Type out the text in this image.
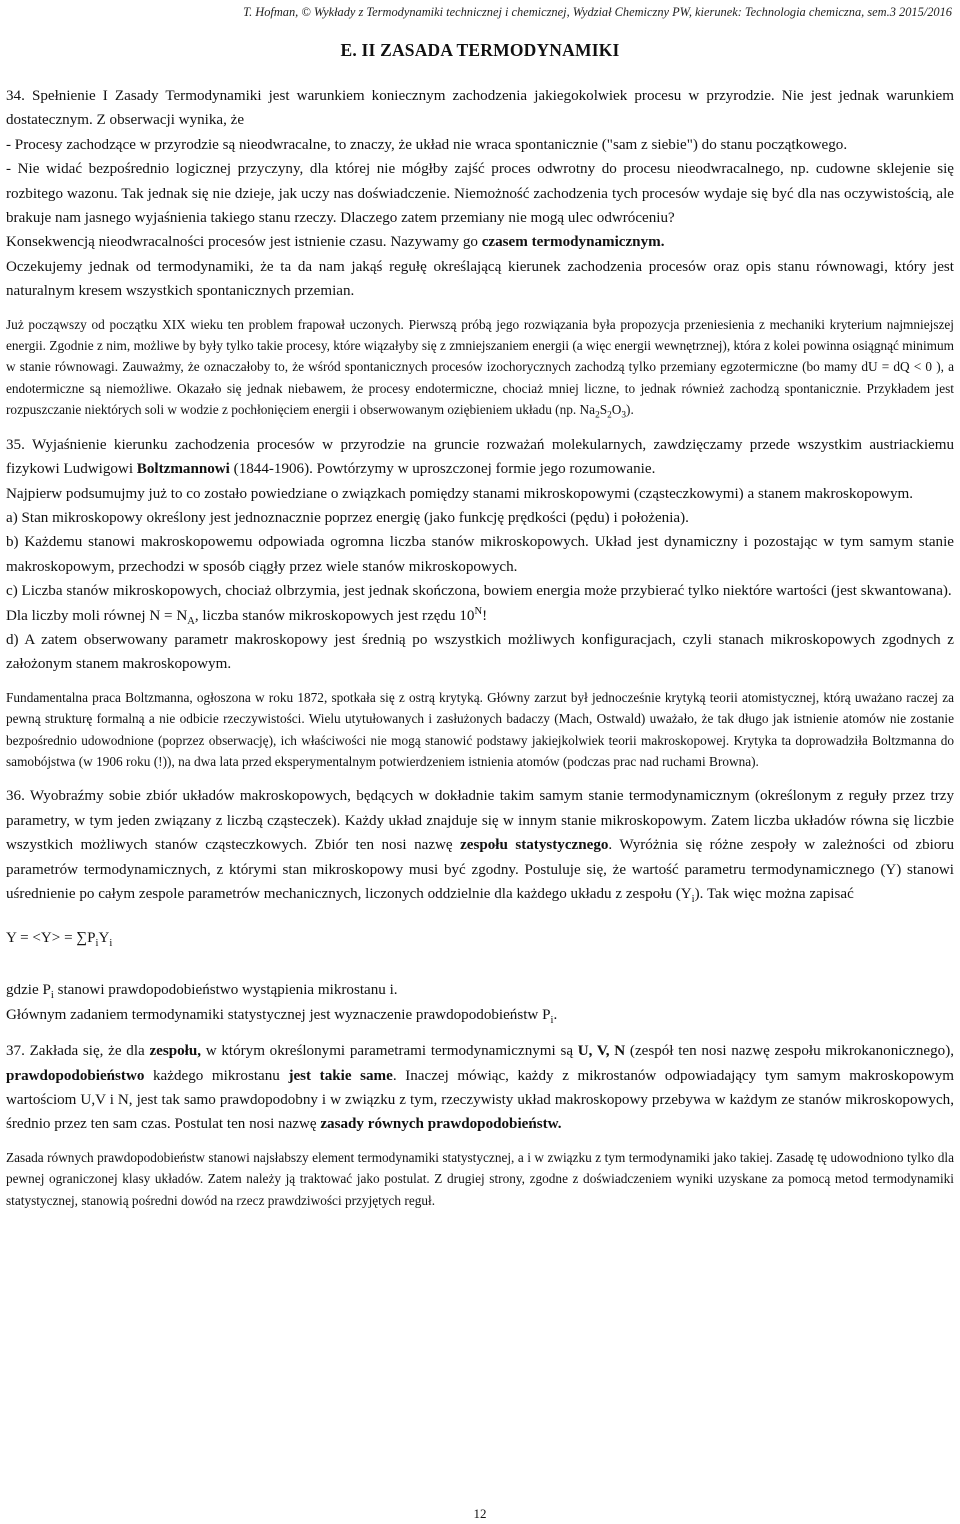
T. Hofman, © Wykłady z Termodynamiki technicznej i chemicznej, Wydział Chemiczny PW, kierunek: Technologia chemiczna, sem.3 2015/2016
E. II ZASADA TERMODYNAMIKI

34. Spełnienie I Zasady Termodynamiki jest warunkiem koniecznym zachodzenia jakiegokolwiek procesu w przyrodzie. Nie jest jednak warunkiem dostatecznym. Z obserwacji wynika, że

- Procesy zachodzące w przyrodzie są nieodwracalne, to znaczy, że układ nie wraca spontanicznie ("sam z siebie") do stanu początkowego.

- Nie widać bezpośrednio logicznej przyczyny, dla której nie mógłby zajść proces odwrotny do procesu nieodwracalnego, np. cudowne sklejenie się rozbitego wazonu. Tak jednak się nie dzieje, jak uczy nas doświadczenie. Niemożność zachodzenia tych procesów wydaje się być dla nas oczywistością, ale brakuje nam jasnego wyjaśnienia takiego stanu rzeczy. Dlaczego zatem przemiany nie mogą ulec odwróceniu?

Konsekwencją nieodwracalności procesów jest istnienie czasu. Nazywamy go czasem termodynamicznym.

Oczekujemy jednak od termodynamiki, że ta da nam jakąś regułę określającą kierunek zachodzenia procesów oraz opis stanu równowagi, który jest naturalnym kresem wszystkich spontanicznych przemian.

Już począwszy od początku XIX wieku ten problem frapował uczonych. Pierwszą próbą jego rozwiązania była propozycja przeniesienia z mechaniki kryterium najmniejszej energii. Zgodnie z nim, możliwe by były tylko takie procesy, które wiązałyby się z zmniejszaniem energii (a więc energii wewnętrznej), która z kolei powinna osiągnąć minimum w stanie równowagi. Zauważmy, że oznaczałoby to, że wśród spontanicznych procesów izochorycznych zachodzą tylko przemiany egzotermiczne (bo mamy dU = dQ < 0 ), a endotermiczne są niemożliwe. Okazało się jednak niebawem, że procesy endotermiczne, chociaż mniej liczne, to jednak również zachodzą spontanicznie. Przykładem jest rozpuszczanie niektórych soli w wodzie z pochłonięciem energii i obserwowanym oziębieniem układu (np. $Na_2S_2O_3$).

35. Wyjaśnienie kierunku zachodzenia procesów w przyrodzie na gruncie rozważań molekularnych, zawdzięczamy przede wszystkim austriackiemu fizykowi Ludwigowi Boltzmannowi (1844-1906). Powtórzymy w uproszczonej formie jego rozumowanie.

Najpierw podsumujmy już to co zostało powiedziane o związkach pomiędzy stanami mikroskopowymi (cząsteczkowymi) a stanem makroskopowym.

a) Stan mikroskopowy określony jest jednoznacznie poprzez energię (jako funkcję prędkości (pędu) i położenia).

b) Każdemu stanowi makroskopowemu odpowiada ogromna liczba stanów mikroskopowych. Układ jest dynamiczny i pozostając w tym samym stanie makroskopowym, przechodzi w sposób ciągły przez wiele stanów mikroskopowych.

c) Liczba stanów mikroskopowych, chociaż olbrzymia, jest jednak skończona, bowiem energia może przybierać tylko niektóre wartości (jest skwantowana).

Dla liczby moli równej $N = N_A$, liczba stanów mikroskopowych jest rzędu $10^N$!

d) A zatem obserwowany parametr makroskopowy jest średnią po wszystkich możliwych konfiguracjach, czyli stanach mikroskopowych zgodnych z założonym stanem makroskopowym.

Fundamentalna praca Boltzmanna, ogłoszona w roku 1872, spotkała się z ostrą krytyką. Główny zarzut był jednocześnie krytyką teorii atomistycznej, którą uważano raczej za pewną strukturę formalną a nie odbicie rzeczywistości. Wielu utytułowanych i zasłużonych badaczy (Mach, Ostwald) uważało, że tak długo jak istnienie atomów nie zostanie bezpośrednio udowodnione (poprzez obserwację), ich właściwości nie mogą stanowić podstawy jakiejkolwiek teorii makroskopowej. Krytyka ta doprowadziła Boltzmanna do samobójstwa (w 1906 roku (!)), na dwa lata przed eksperymentalnym potwierdzeniem istnienia atomów (podczas prac nad ruchami Browna).

36. Wyobraźmy sobie zbiór układów makroskopowych, będących w dokładnie takim samym stanie termodynamicznym (określonym z reguły przez trzy parametry, w tym jeden związany z liczbą cząsteczek). Każdy układ znajduje się w innym stanie mikroskopowym. Zatem liczba układów równa się liczbie wszystkich możliwych stanów cząsteczkowych. Zbiór ten nosi nazwę zespołu statystycznego. Wyróżnia się różne zespoły w zależności od zbioru parametrów termodynamicznych, z którymi stan mikroskopowy musi być zgodny. Postuluje się, że wartość parametru termodynamicznego (Y) stanowi uśrednienie po całym zespole parametrów mechanicznych, liczonych oddzielnie dla każdego układu z zespołu $(Y_i)$. Tak więc można zapisać

$Y = <Y> = \sum P_iY_i$

gdzie $P_i$ stanowi prawdopodobieństwo wystąpienia mikrostanu i.

Głównym zadaniem termodynamiki statystycznej jest wyznaczenie prawdopodobieństw $P_i$.

37. Zakłada się, że dla zespołu, w którym określonymi parametrami termodynamicznymi są U, V, N (zespół ten nosi nazwę zespołu mikrokanonicznego), prawdopodobieństwo każdego mikrostanu jest takie same. Inaczej mówiąc, każdy z mikrostanów odpowiadający tym samym makroskopowym wartościom U,V i N, jest tak samo prawdopodobny i w związku z tym, rzeczywisty układ makroskopowy przebywa w każdym ze stanów mikroskopowych, średnio przez ten sam czas. Postulat ten nosi nazwę zasady równych prawdopodobieństw.

Zasada równych prawdopodobieństw stanowi najsłabszy element termodynamiki statystycznej, a i w związku z tym termodynamiki jako takiej. Zasadę tę udowodniono tylko dla pewnej ograniczonej klasy układów. Zatem należy ją traktować jako postulat. Z drugiej strony, zgodne z doświadczeniem wyniki uzyskane za pomocą metod termodynamiki statystycznej, stanowią pośredni dowód na rzecz prawdziwości przyjętych reguł.

12
